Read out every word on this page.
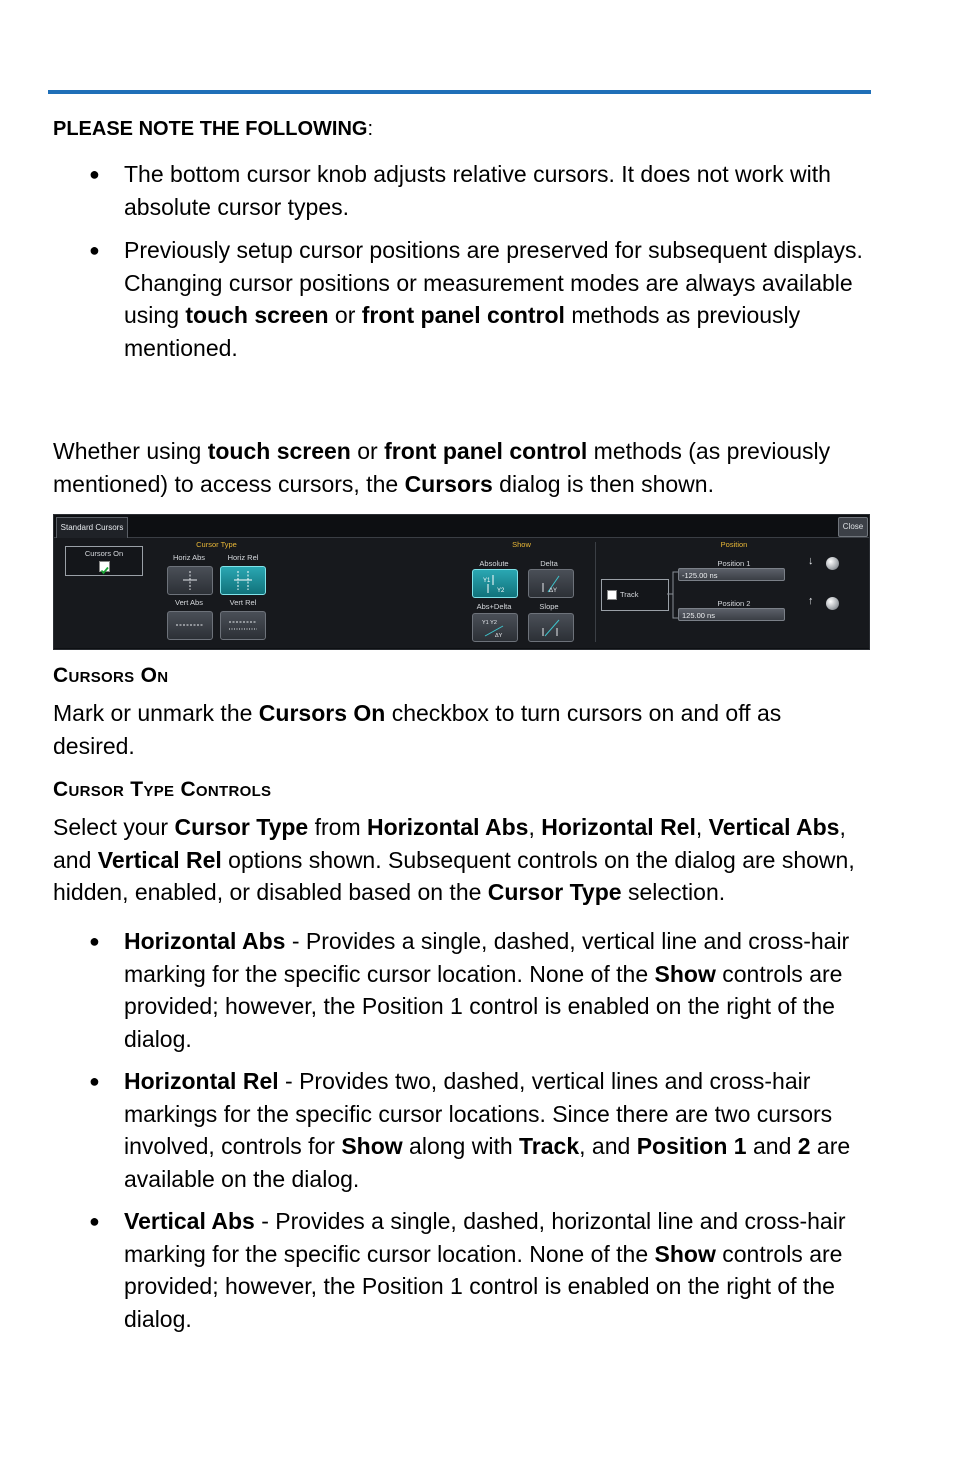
PLEASE NOTE THE FOLLOWING:
● The bottom cursor knob adjusts relative cursors. It does not work with absolute cursor types.
● Previously setup cursor positions are preserved for subsequent displays. Changing cursor positions or measurement modes are always available using touch screen or front panel control methods as previously mentioned.
Whether using touch screen or front panel control methods (as previously mentioned) to access cursors, the Cursors dialog is then shown.
Cursors On
Mark or unmark the Cursors On checkbox to turn cursors on and off as desired.
Cursor Type Controls
Select your Cursor Type from Horizontal Abs, Horizontal Rel, Vertical Abs, and Vertical Rel options shown. Subsequent controls on the dialog are shown, hidden, enabled, or disabled based on the Cursor Type selection.
● Horizontal Abs - Provides a single, dashed, vertical line and cross-hair marking for the specific cursor location. None of the Show controls are provided; however, the Position 1 control is enabled on the right of the dialog.
● Horizontal Rel - Provides two, dashed, vertical lines and cross-hair markings for the specific cursor locations. Since there are two cursors involved, controls for Show along with Track, and Position 1 and 2 are available on the dialog.
● Vertical Abs - Provides a single, dashed, horizontal line and cross-hair marking for the specific cursor location. None of the Show controls are provided; however, the Position 1 control is enabled on the right of the dialog.
Standard Cursors	Close
Cursors On
Cursor Type
Horiz Abs	Horiz Rel
Vert Abs	Vert Rel
Show
Absolute
Y1
Y2
Delta
ΔY
Abs+Delta
Y1 Y2
ΔY
Slope
Position
Track
Position 1
-125.00 ns
Position 2
125.00 ns
↓
↑
